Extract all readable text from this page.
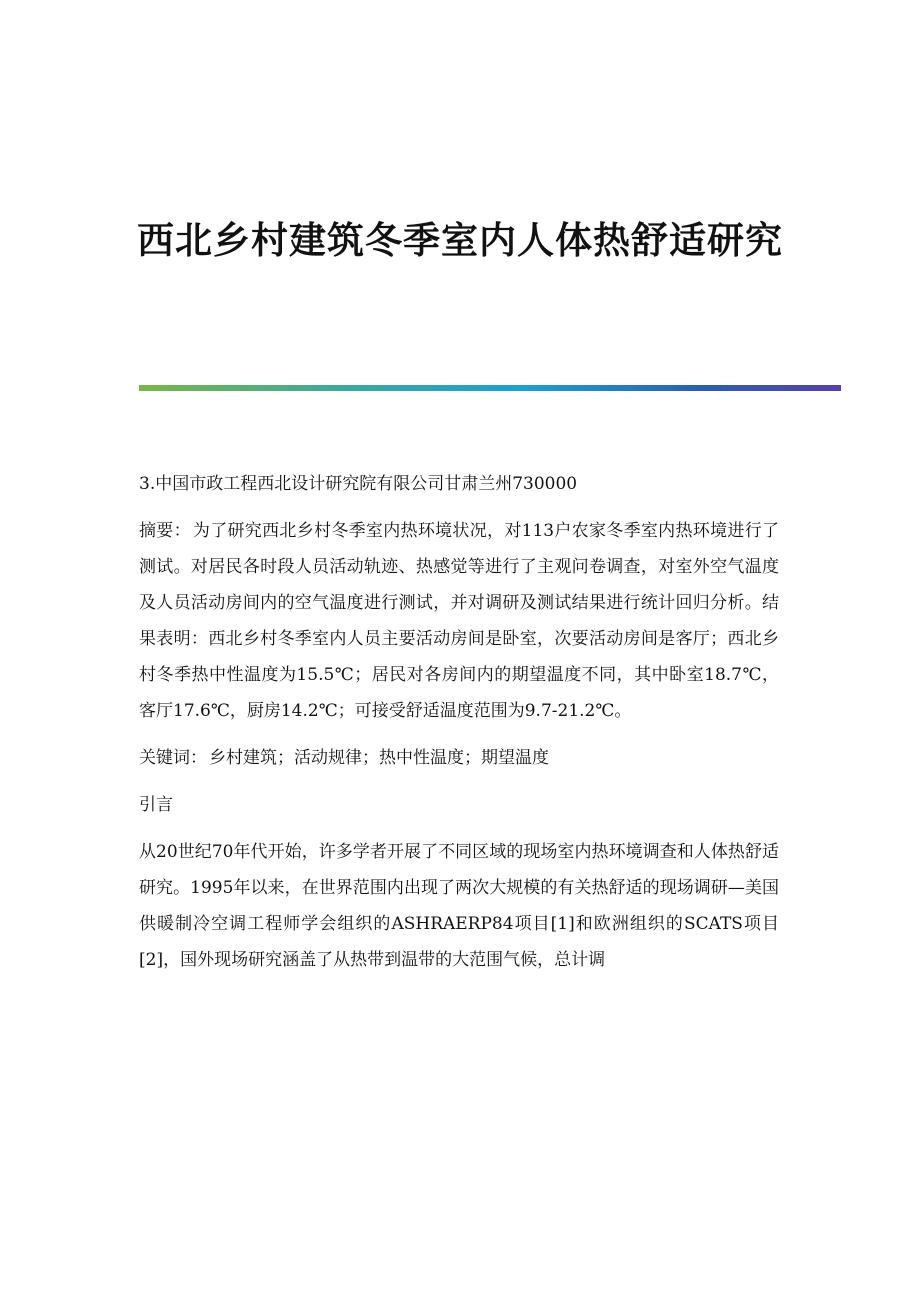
西北乡村建筑冬季室内人体热舒适研究

3.中国市政工程西北设计研究院有限公司甘肃兰州730000

摘要： 为了研究西北乡村冬季室内热环境状况，对113户农家冬季室内热环境进行了测试。对居民各时段人员活动轨迹、热感觉等进行了主观问卷调查，对室外空气温度及人员活动房间内的空气温度进行测试，并对调研及测试结果进行统计回归分析。结果表明：西北乡村冬季室内人员主要活动房间是卧室，次要活动房间是客厅；西北乡村冬季热中性温度为15.5℃；居民对各房间内的期望温度不同，其中卧室18.7℃，客厅17.6℃，厨房14.2℃；可接受舒适温度范围为9.7-21.2℃。

关键词： 乡村建筑；活动规律；热中性温度；期望温度

引言

从20世纪70年代开始，许多学者开展了不同区域的现场室内热环境调查和人体热舒适研究。1995年以来，在世界范围内出现了两次大规模的有关热舒适的现场调研—美国供暖制冷空调工程师学会组织的ASHRAERP84项目[1]和欧洲组织的SCATS项目[2]，国外现场研究涵盖了从热带到温带的大范围气候，总计调
